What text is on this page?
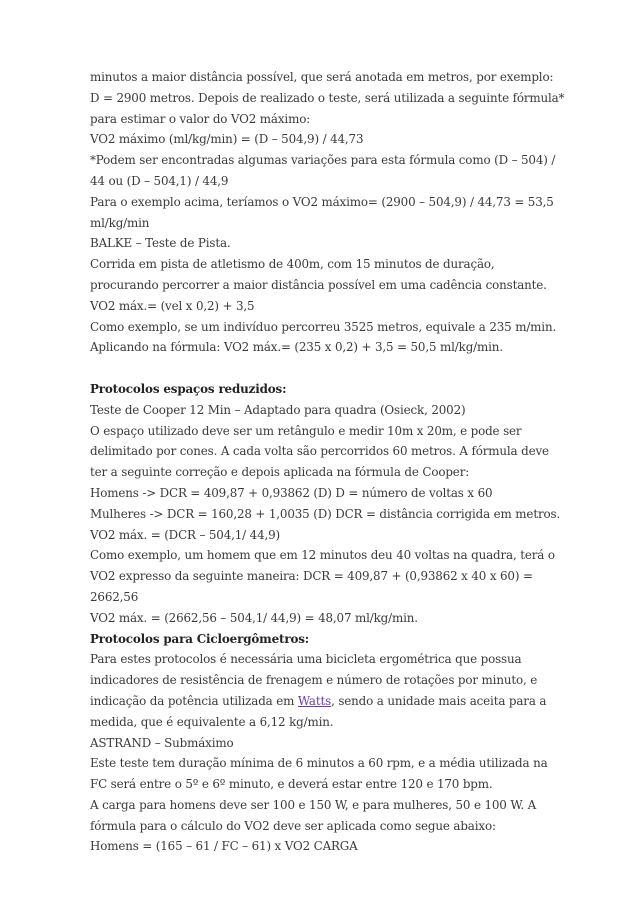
minutos a maior distância possível, que será anotada em metros, por exemplo:
D = 2900 metros. Depois de realizado o teste, será utilizada a seguinte fórmula*
para estimar o valor do VO2 máximo:
VO2 máximo (ml/kg/min) = (D – 504,9) / 44,73
*Podem ser encontradas algumas variações para esta fórmula como (D – 504) /
44 ou (D – 504,1) / 44,9
Para o exemplo acima, teríamos o VO2 máximo= (2900 – 504,9) / 44,73 = 53,5
ml/kg/min
BALKE – Teste de Pista.
Corrida em pista de atletismo de 400m, com 15 minutos de duração,
procurando percorrer a maior distância possível em uma cadência constante.
VO2 máx.= (vel x 0,2) + 3,5
Como exemplo, se um indivíduo percorreu 3525 metros, equivale a 235 m/min.
Aplicando na fórmula: VO2 máx.= (235 x 0,2) + 3,5 = 50,5 ml/kg/min.
Protocolos espaços reduzidos:
Teste de Cooper 12 Min – Adaptado para quadra (Osieck, 2002)
O espaço utilizado deve ser um retângulo e medir 10m x 20m, e pode ser
delimitado por cones. A cada volta são percorridos 60 metros. A fórmula deve
ter a seguinte correção e depois aplicada na fórmula de Cooper:
Homens -> DCR = 409,87 + 0,93862 (D) D = número de voltas x 60
Mulheres -> DCR = 160,28 + 1,0035 (D) DCR = distância corrigida em metros.
VO2 máx. = (DCR – 504,1/ 44,9)
Como exemplo, um homem que em 12 minutos deu 40 voltas na quadra, terá o
VO2 expresso da seguinte maneira: DCR = 409,87 + (0,93862 x 40 x 60) =
2662,56
VO2 máx. = (2662,56 – 504,1/ 44,9) = 48,07 ml/kg/min.
Protocolos para Cicloergômetros:
Para estes protocolos é necessária uma bicicleta ergométrica que possua
indicadores de resistência de frenagem e número de rotações por minuto, e
indicação da potência utilizada em Watts, sendo a unidade mais aceita para a
medida, que é equivalente a 6,12 kg/min.
ASTRAND – Submáximo
Este teste tem duração mínima de 6 minutos a 60 rpm, e a média utilizada na
FC será entre o 5º e 6º minuto, e deverá estar entre 120 e 170 bpm.
A carga para homens deve ser 100 e 150 W, e para mulheres, 50 e 100 W. A
fórmula para o cálculo do VO2 deve ser aplicada como segue abaixo:
Homens = (165 – 61 / FC – 61) x VO2 CARGA
